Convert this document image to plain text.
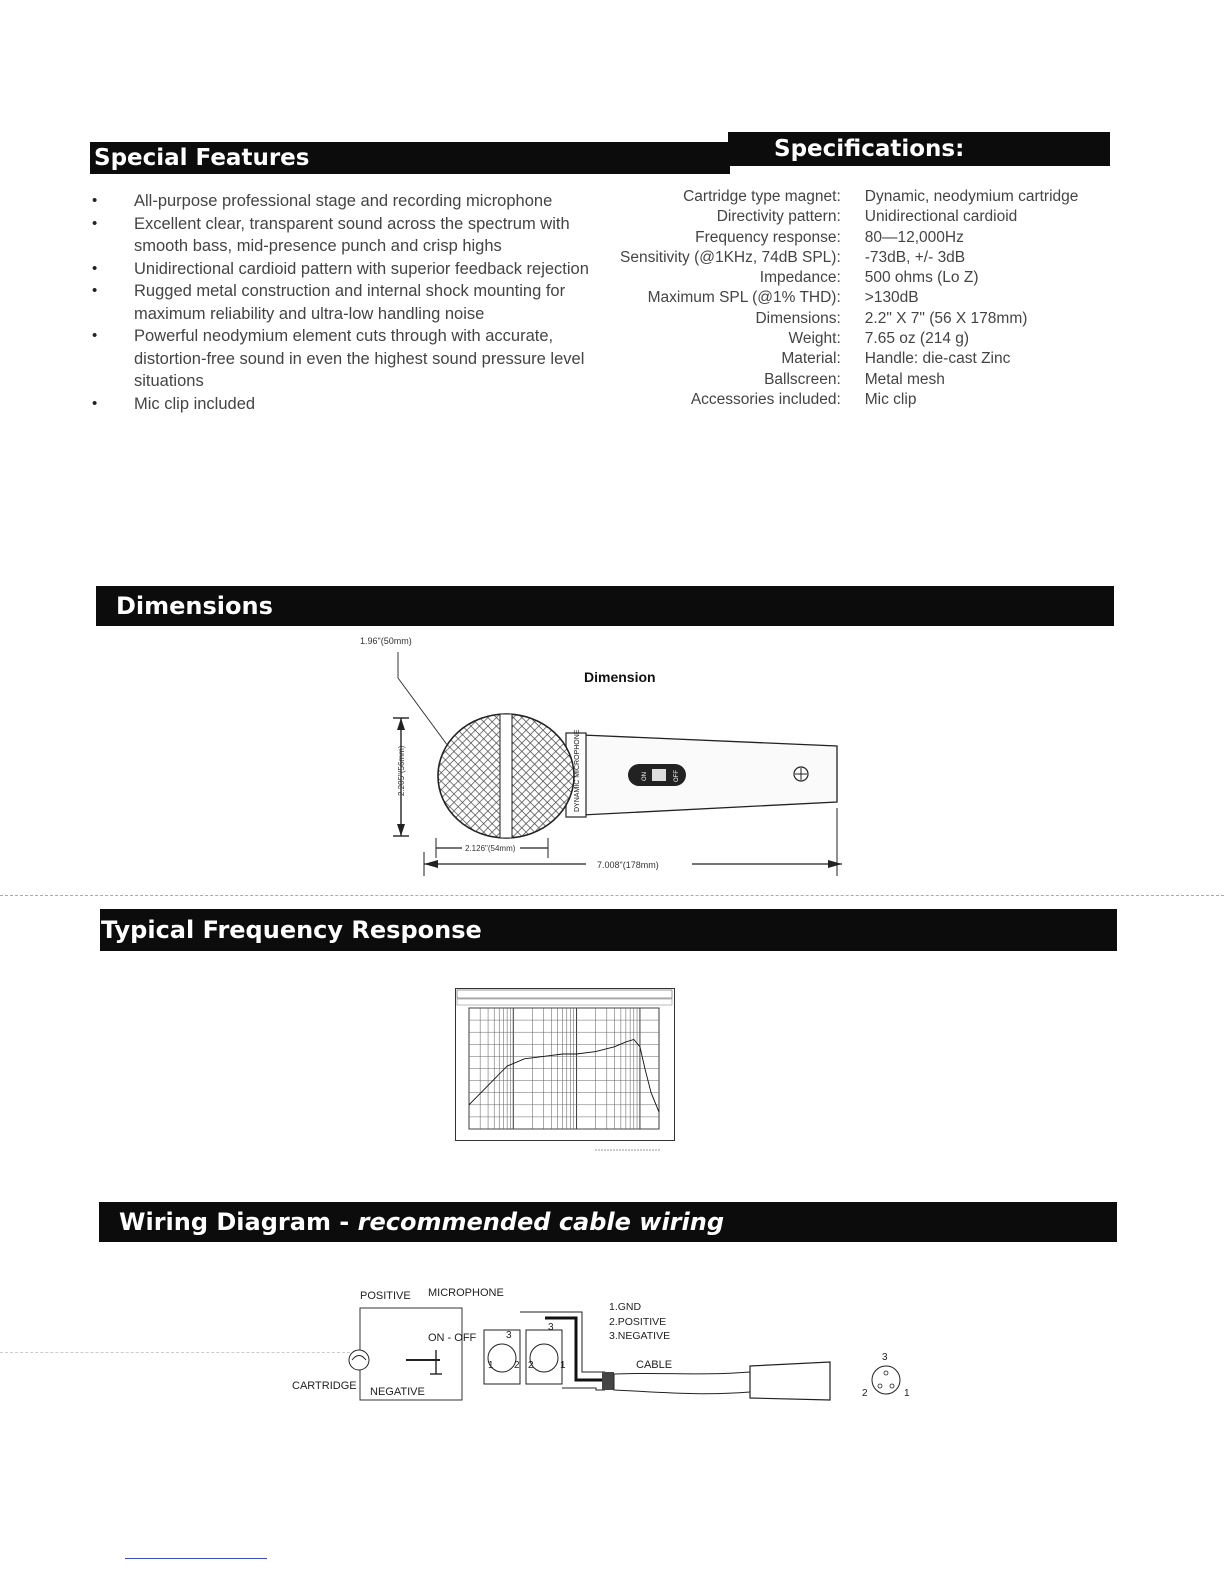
Special Features	Specifications:
• All-purpose professional stage and recording microphone
• Excellent clear, transparent sound across the spectrum with smooth bass, mid-presence punch and crisp highs
• Unidirectional cardioid pattern with superior feedback rejection
• Rugged metal construction and internal shock mounting for maximum reliability and ultra-low handling noise
• Powerful neodymium element cuts through with accurate, distortion-free sound in even the highest sound pressure level situations
• Mic clip included
Cartridge type magnet:	Dynamic, neodymium cartridge
Directivity pattern:	Unidirectional cardioid
Frequency response:	80—12,000Hz
Sensitivity (@1KHz, 74dB SPL):	-73dB, +/- 3dB
Impedance:	500 ohms (Lo Z)
Maximum SPL (@1% THD):	>130dB
Dimensions:	2.2" X 7" (56 X 178mm)
Weight:	7.65 oz (214 g)
Material:	Handle: die-cast Zinc
Ballscreen:	Metal mesh
Accessories included:	Mic clip
Dimensions
1.96"(50mm)
Dimension
2.205"(56mm)	DYNAMIC MICROPHONE	ON	OFF
2.126"(54mm)
7.008"(178mm)
Typical Frequency Response
Wiring Diagram - recommended cable wiring
POSITIVE MICROPHONE
ON - OFF
CARTRIDGE NEGATIVE
3
1 2
3
2	1
1.GND
2.POSITIVE
3.NEGATIVE
CABLE
3
2	1
